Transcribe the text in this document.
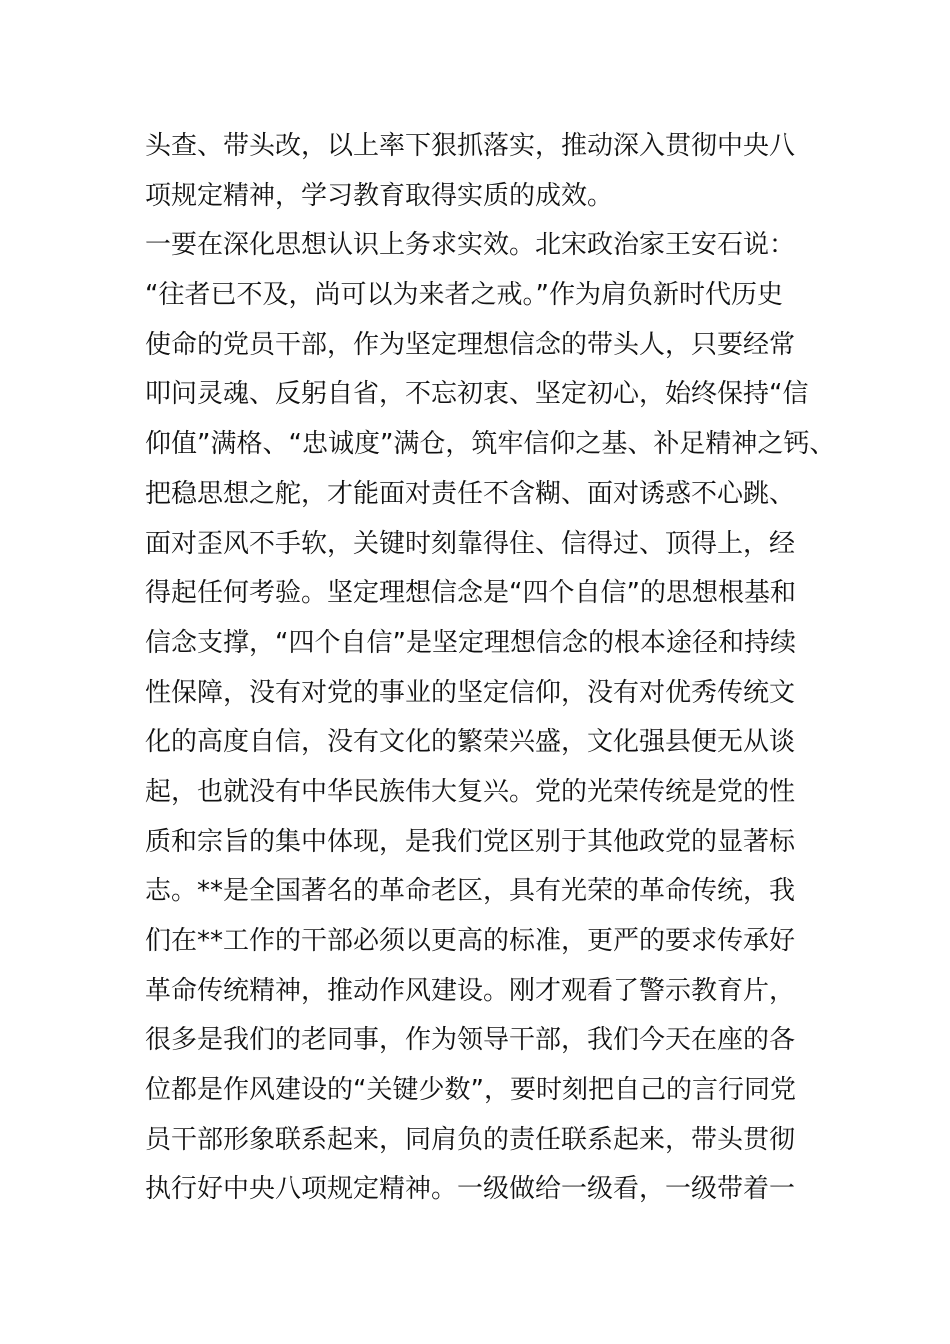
头查、带头改，以上率下狠抓落实，推动深入贯彻中央八
项规定精神，学习教育取得实质的成效。
一要在深化思想认识上务求实效。北宋政治家王安石说：
“往者已不及，尚可以为来者之戒。”作为肩负新时代历史
使命的党员干部，作为坚定理想信念的带头人，只要经常
叩问灵魂、反躬自省，不忘初衷、坚定初心，始终保持“信
仰值”满格、“忠诚度”满仓，筑牢信仰之基、补足精神之钙、
把稳思想之舵，才能面对责任不含糊、面对诱惑不心跳、
面对歪风不手软，关键时刻靠得住、信得过、顶得上，经
得起任何考验。坚定理想信念是“四个自信”的思想根基和
信念支撑，“四个自信”是坚定理想信念的根本途径和持续
性保障，没有对党的事业的坚定信仰，没有对优秀传统文
化的高度自信，没有文化的繁荣兴盛，文化强县便无从谈
起，也就没有中华民族伟大复兴。党的光荣传统是党的性
质和宗旨的集中体现，是我们党区别于其他政党的显著标
志。**是全国著名的革命老区，具有光荣的革命传统，我
们在**工作的干部必须以更高的标准，更严的要求传承好
革命传统精神，推动作风建设。刚才观看了警示教育片，
很多是我们的老同事，作为领导干部，我们今天在座的各
位都是作风建设的“关键少数”，要时刻把自己的言行同党
员干部形象联系起来，同肩负的责任联系起来，带头贯彻
执行好中央八项规定精神。一级做给一级看，一级带着一
